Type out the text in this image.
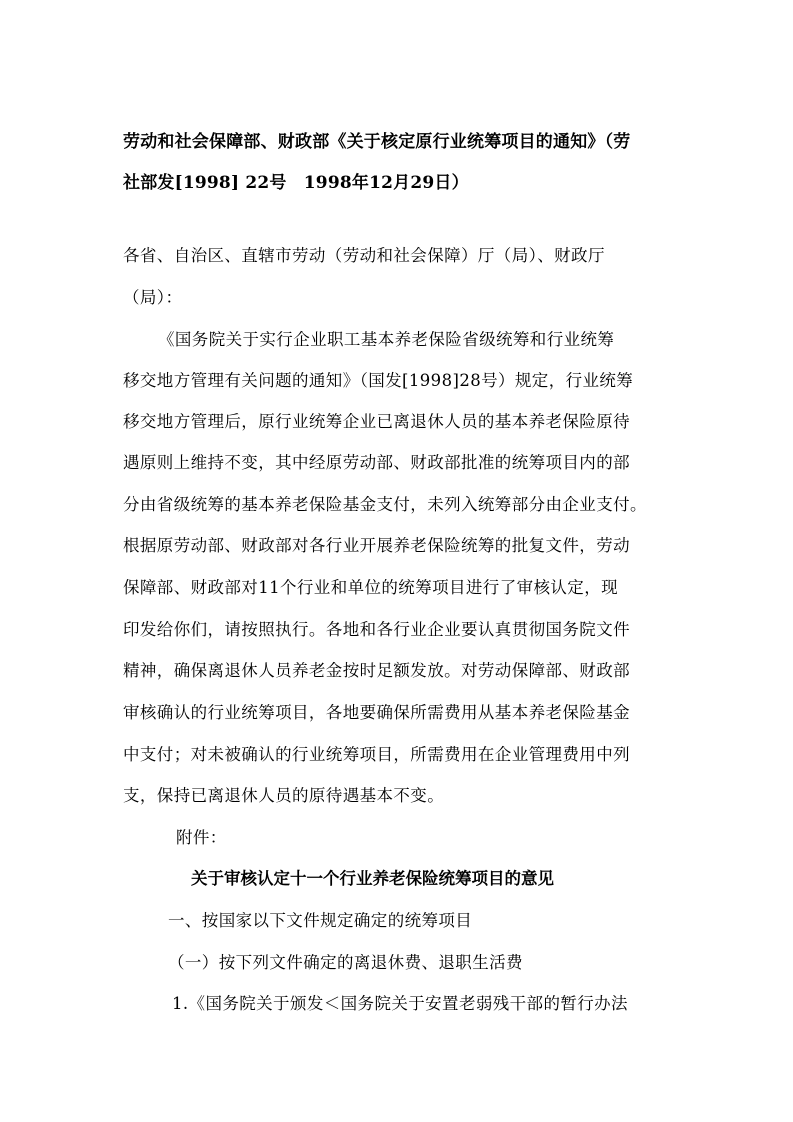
劳动和社会保障部、财政部《关于核定原行业统筹项目的通知》（劳
社部发[1998] 22号　1998年12月29日）
各省、自治区、直辖市劳动（劳动和社会保障）厅（局）、财政厅
（局）：
《国务院关于实行企业职工基本养老保险省级统筹和行业统筹
移交地方管理有关问题的通知》（国发[1998]28号）规定，行业统筹
移交地方管理后，原行业统筹企业已离退休人员的基本养老保险原待
遇原则上维持不变，其中经原劳动部、财政部批准的统筹项目内的部
分由省级统筹的基本养老保险基金支付，未列入统筹部分由企业支付。
根据原劳动部、财政部对各行业开展养老保险统筹的批复文件，劳动
保障部、财政部对11个行业和单位的统筹项目进行了审核认定，现
印发给你们，请按照执行。各地和各行业企业要认真贯彻国务院文件
精神，确保离退休人员养老金按时足额发放。对劳动保障部、财政部
审核确认的行业统筹项目，各地要确保所需费用从基本养老保险基金
中支付；对未被确认的行业统筹项目，所需费用在企业管理费用中列
支，保持已离退休人员的原待遇基本不变。
附件：
关于审核认定十一个行业养老保险统筹项目的意见
一、按国家以下文件规定确定的统筹项目
（一）按下列文件确定的离退休费、退职生活费
1.《国务院关于颁发＜国务院关于安置老弱残干部的暂行办法
